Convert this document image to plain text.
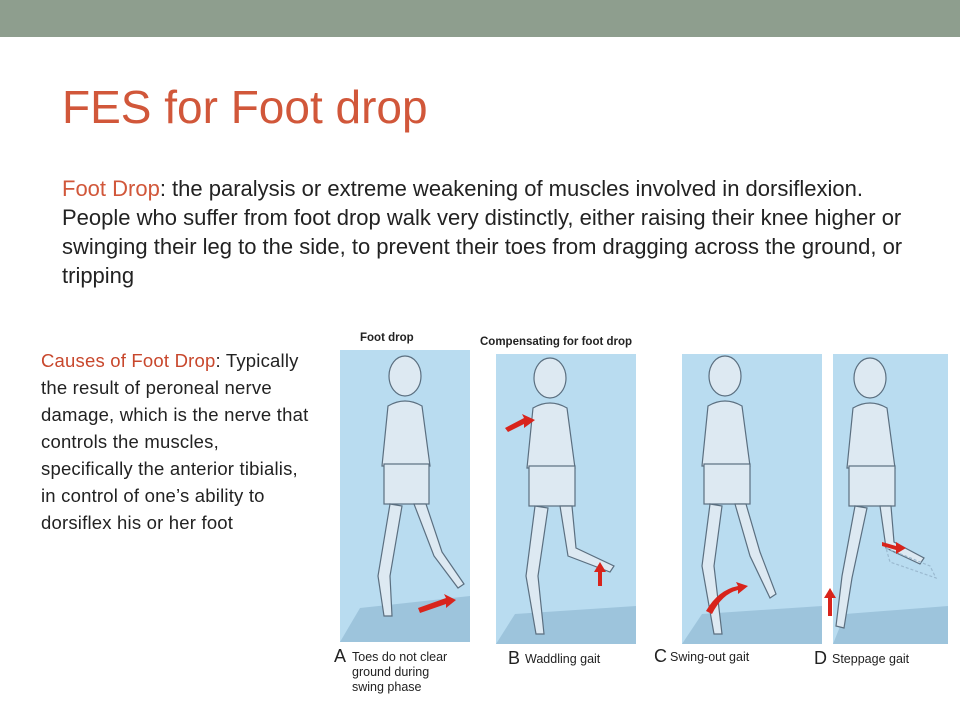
FES for Foot drop
Foot Drop: the paralysis or extreme weakening of muscles involved in dorsiflexion. People who suffer from foot drop walk very distinctly, either raising their knee higher or swinging their leg to the side, to prevent their toes from dragging across the ground, or tripping
Causes of Foot Drop: Typically the result of peroneal nerve damage, which is the nerve that controls the muscles, specifically the anterior tibialis, in control of one’s ability to dorsiflex his or her foot
Foot drop	Compensating for foot drop
A Toes do not clear
ground during
swing phase
B Waddling gait	C Swing-out gait	D Steppage gait
